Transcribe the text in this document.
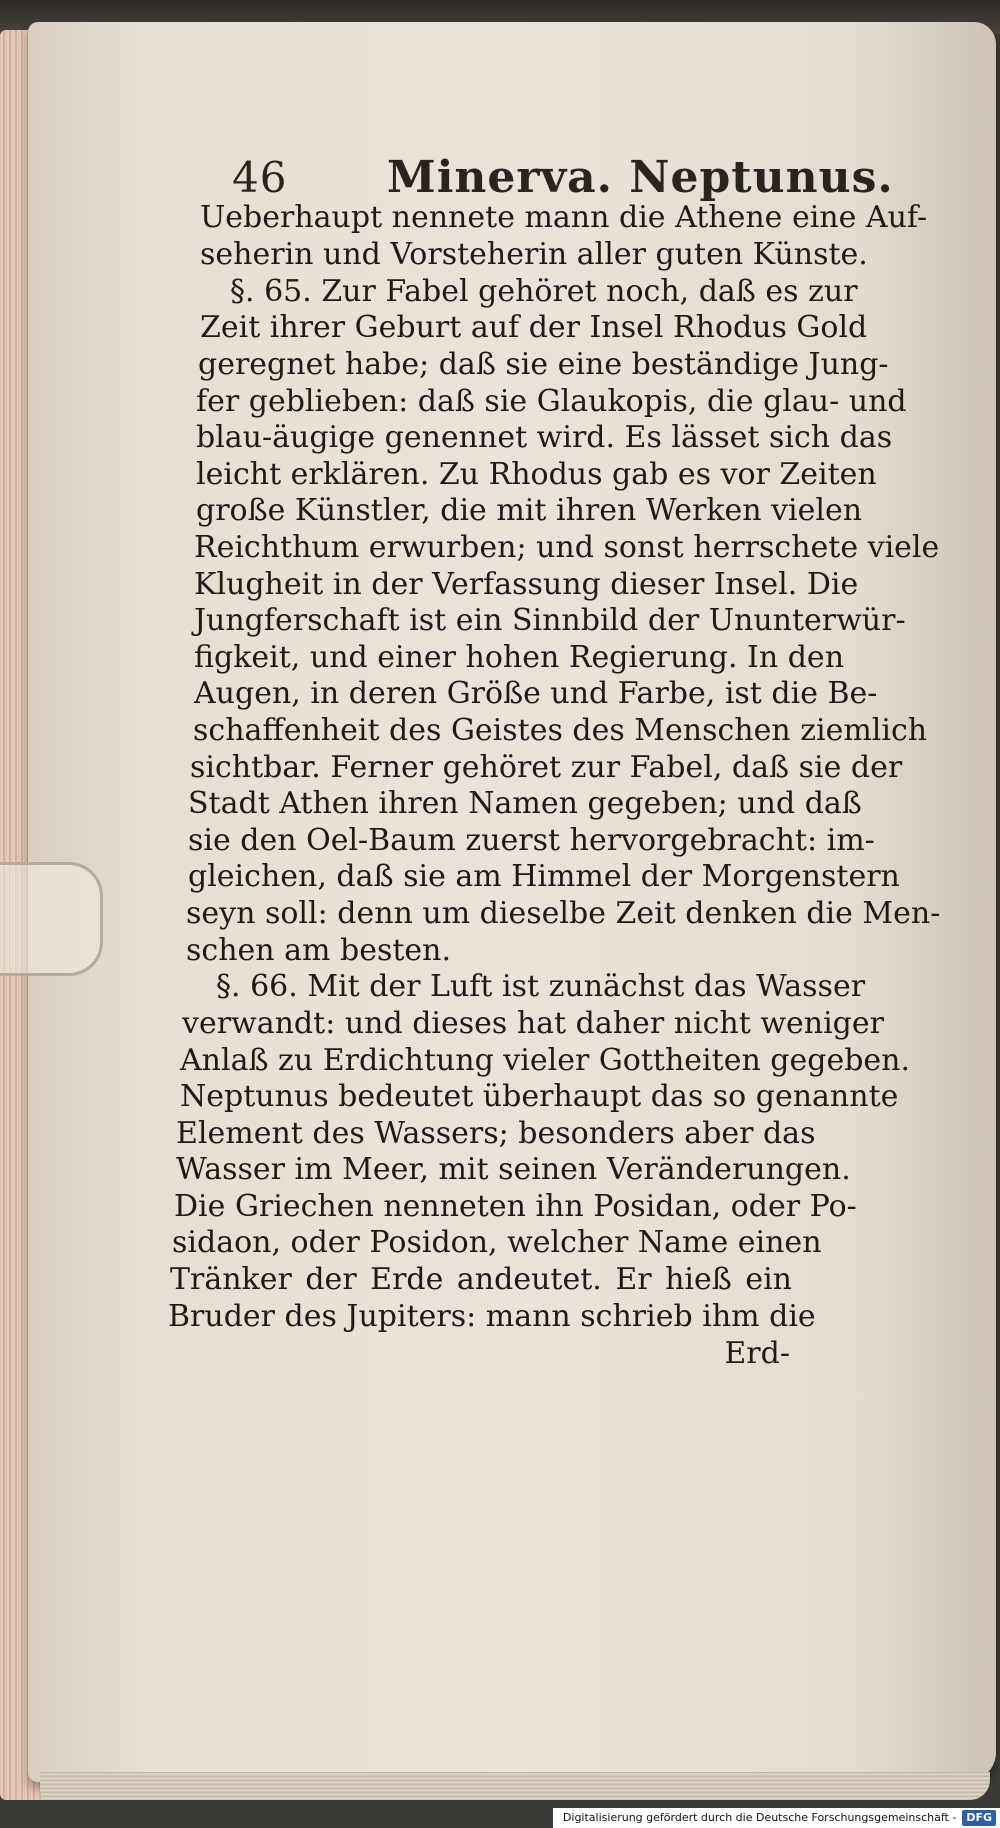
46 Minerva. Neptunus.
Ueberhaupt nennete mann die Athene eine Auf-
seherin und Vorsteherin aller guten Künste.
§. 65. Zur Fabel gehöret noch, daß es zur
Zeit ihrer Geburt auf der Insel Rhodus Gold
geregnet habe; daß sie eine beständige Jung-
fer geblieben: daß sie Glaukopis, die glau- und
blau-äugige genennet wird. Es lässet sich das
leicht erklären. Zu Rhodus gab es vor Zeiten
große Künstler, die mit ihren Werken vielen
Reichthum erwurben; und sonst herrschete viele
Klugheit in der Verfassung dieser Insel. Die
Jungferschaft ist ein Sinnbild der Ununterwür-
figkeit, und einer hohen Regierung. In den
Augen, in deren Größe und Farbe, ist die Be-
schaffenheit des Geistes des Menschen ziemlich
sichtbar. Ferner gehöret zur Fabel, daß sie der
Stadt Athen ihren Namen gegeben; und daß
sie den Oel-Baum zuerst hervorgebracht: im-
gleichen, daß sie am Himmel der Morgenstern
seyn soll: denn um dieselbe Zeit denken die Men-
schen am besten.
§. 66. Mit der Luft ist zunächst das Wasser
verwandt: und dieses hat daher nicht weniger
Anlaß zu Erdichtung vieler Gottheiten gegeben.
Neptunus bedeutet überhaupt das so genannte
Element des Wassers; besonders aber das
Wasser im Meer, mit seinen Veränderungen.
Die Griechen nenneten ihn Posidan, oder Po-
sidaon, oder Posidon, welcher Name einen
Tränker der Erde andeutet. Er hieß ein
Bruder des Jupiters: mann schrieb ihm die
Erd-
Digitalisierung gefördert durch die Deutsche Forschungsgemeinschaft - DFG
